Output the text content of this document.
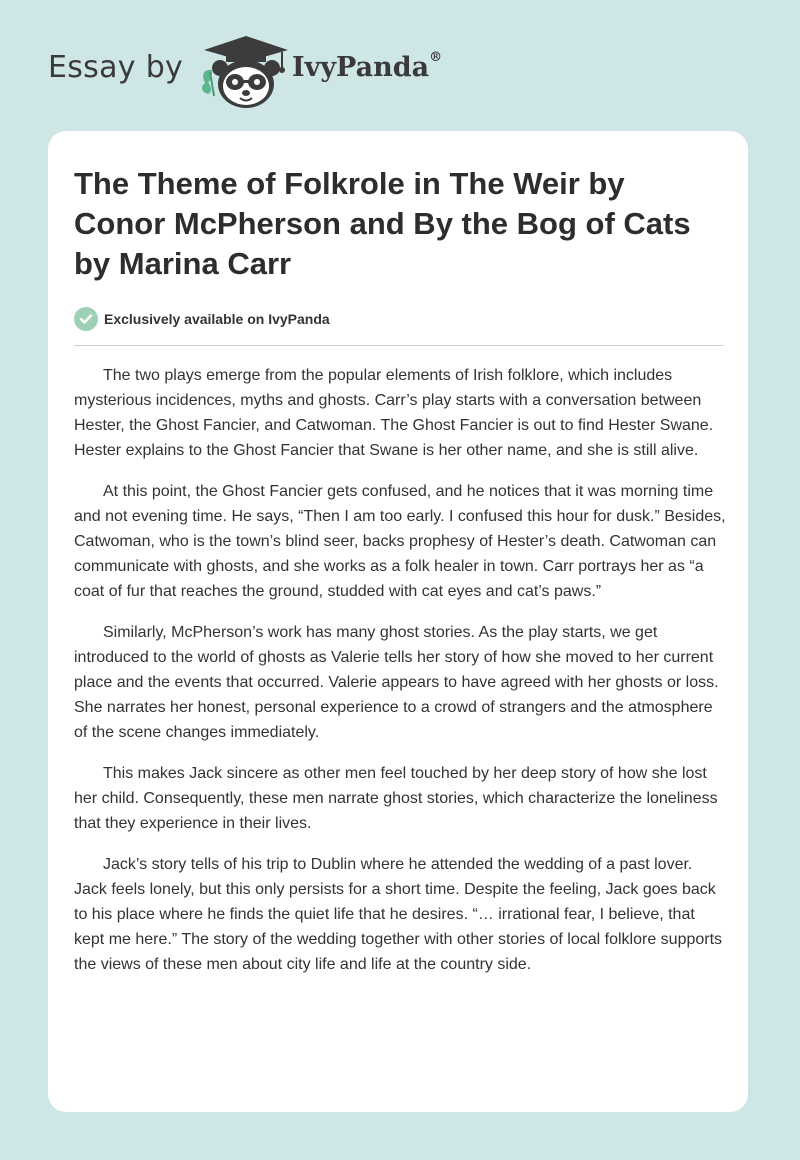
Essay by	IvyPanda®
The Theme of Folkrole in The Weir by Conor McPherson and By the Bog of Cats by Marina Carr
Exclusively available on IvyPanda

The two plays emerge from the popular elements of Irish folklore, which includes mysterious incidences, myths and ghosts. Carr’s play starts with a conversation between Hester, the Ghost Fancier, and Catwoman. The Ghost Fancier is out to find Hester Swane. Hester explains to the Ghost Fancier that Swane is her other name, and she is still alive.

At this point, the Ghost Fancier gets confused, and he notices that it was morning time and not evening time. He says, “Then I am too early. I confused this hour for dusk.” Besides, Catwoman, who is the town’s blind seer, backs prophesy of Hester’s death. Catwoman can communicate with ghosts, and she works as a folk healer in town. Carr portrays her as “a coat of fur that reaches the ground, studded with cat eyes and cat’s paws.”

Similarly, McPherson’s work has many ghost stories. As the play starts, we get introduced to the world of ghosts as Valerie tells her story of how she moved to her current place and the events that occurred. Valerie appears to have agreed with her ghosts or loss. She narrates her honest, personal experience to a crowd of strangers and the atmosphere of the scene changes immediately.

This makes Jack sincere as other men feel touched by her deep story of how she lost her child. Consequently, these men narrate ghost stories, which characterize the loneliness that they experience in their lives.

Jack’s story tells of his trip to Dublin where he attended the wedding of a past lover. Jack feels lonely, but this only persists for a short time. Despite the feeling, Jack goes back to his place where he finds the quiet life that he desires. “… irrational fear, I believe, that kept me here.” The story of the wedding together with other stories of local folklore supports the views of these men about city life and life at the country side.
